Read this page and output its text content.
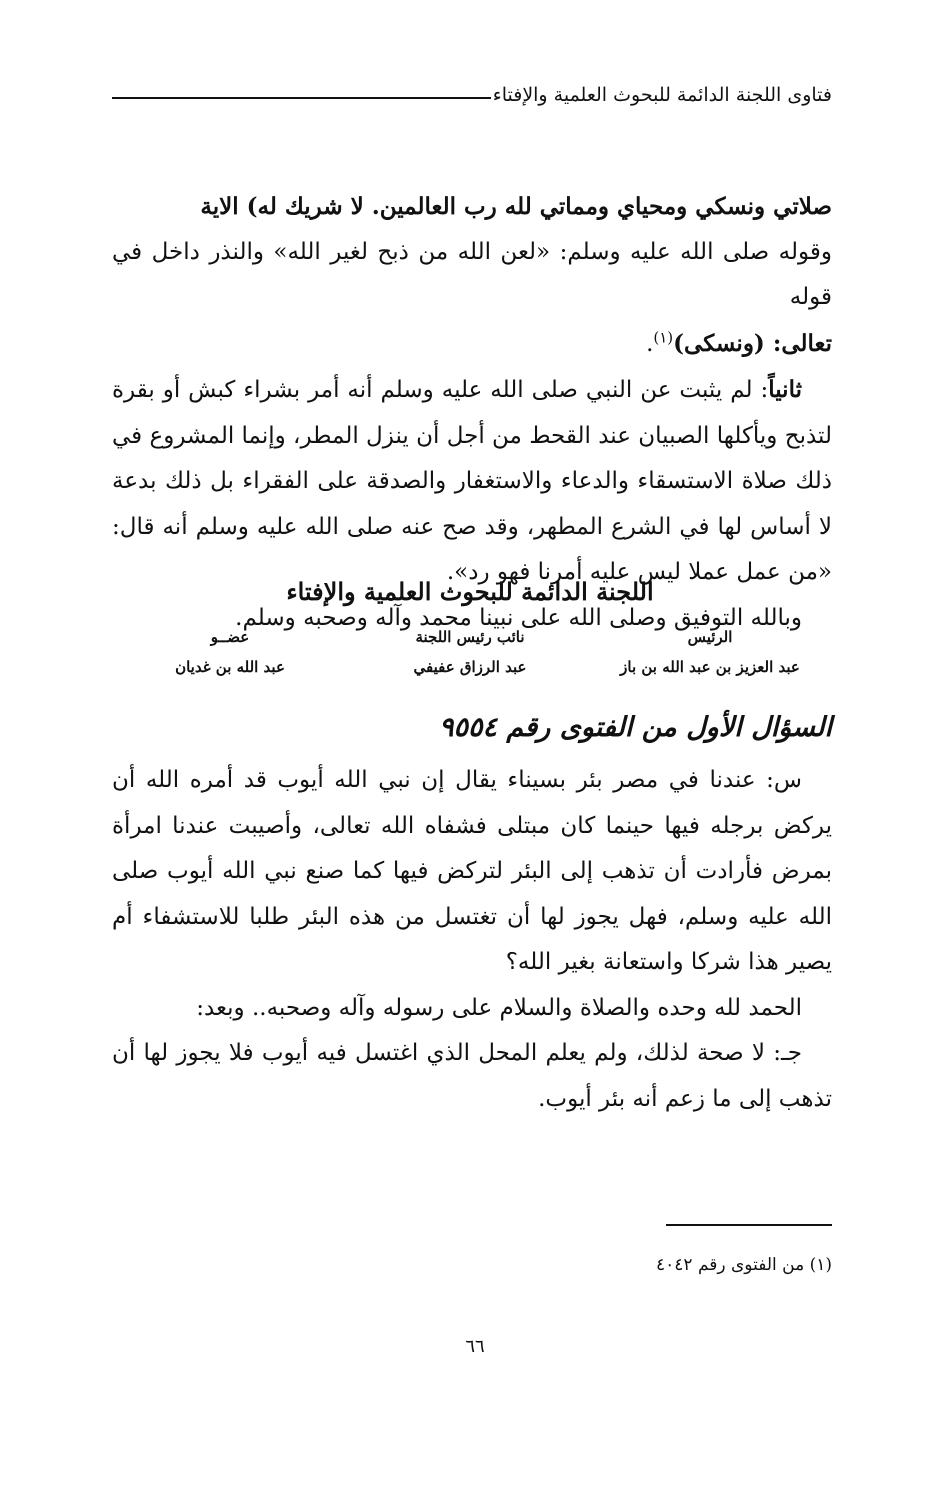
فتاوى اللجنة الدائمة للبحوث العلمية والإفتاء

صلاتي ونسكي ومحياي ومماتي لله رب العالمين. لا شريك له) الاية

وقوله صلى الله عليه وسلم: «لعن الله من ذبح لغير الله» والنذر داخل في قوله

تعالى: (ونسكى)$^{(١)}$.

ثانياً: لم يثبت عن النبي صلى الله عليه وسلم أنه أمر بشراء كبش أو بقرة لتذبح ويأكلها الصبيان عند القحط من أجل أن ينزل المطر، وإنما المشروع في ذلك صلاة الاستسقاء والدعاء والاستغفار والصدقة على الفقراء بل ذلك بدعة لا أساس لها في الشرع المطهر، وقد صح عنه صلى الله عليه وسلم أنه قال: «من عمل عملا ليس عليه أمرنا فهو رد».

وبالله التوفيق وصلى الله على نبينا محمد وآله وصحبه وسلم.

اللجنة الدائمة للبحوث العلمية والإفتاء
الرئيس
عبد العزيز بن عبد الله بن باز
نائب رئيس اللجنة
عبد الرزاق عفيفي
عضــو
عبد الله بن غديان
السؤال الأول من الفتوى رقم ٩٥٥٤

س: عندنا في مصر بئر بسيناء يقال إن نبي الله أيوب قد أمره الله أن يركض برجله فيها حينما كان مبتلى فشفاه الله تعالى، وأصيبت عندنا امرأة بمرض فأرادت أن تذهب إلى البئر لتركض فيها كما صنع نبي الله أيوب صلى الله عليه وسلم، فهل يجوز لها أن تغتسل من هذه البئر طلبا للاستشفاء أم يصير هذا شركا واستعانة بغير الله؟

الحمد لله وحده والصلاة والسلام على رسوله وآله وصحبه.. وبعد:

جـ: لا صحة لذلك، ولم يعلم المحل الذي اغتسل فيه أيوب فلا يجوز لها أن تذهب إلى ما زعم أنه بئر أيوب.

(١) من الفتوى رقم ٤٠٤٢
٦٦
